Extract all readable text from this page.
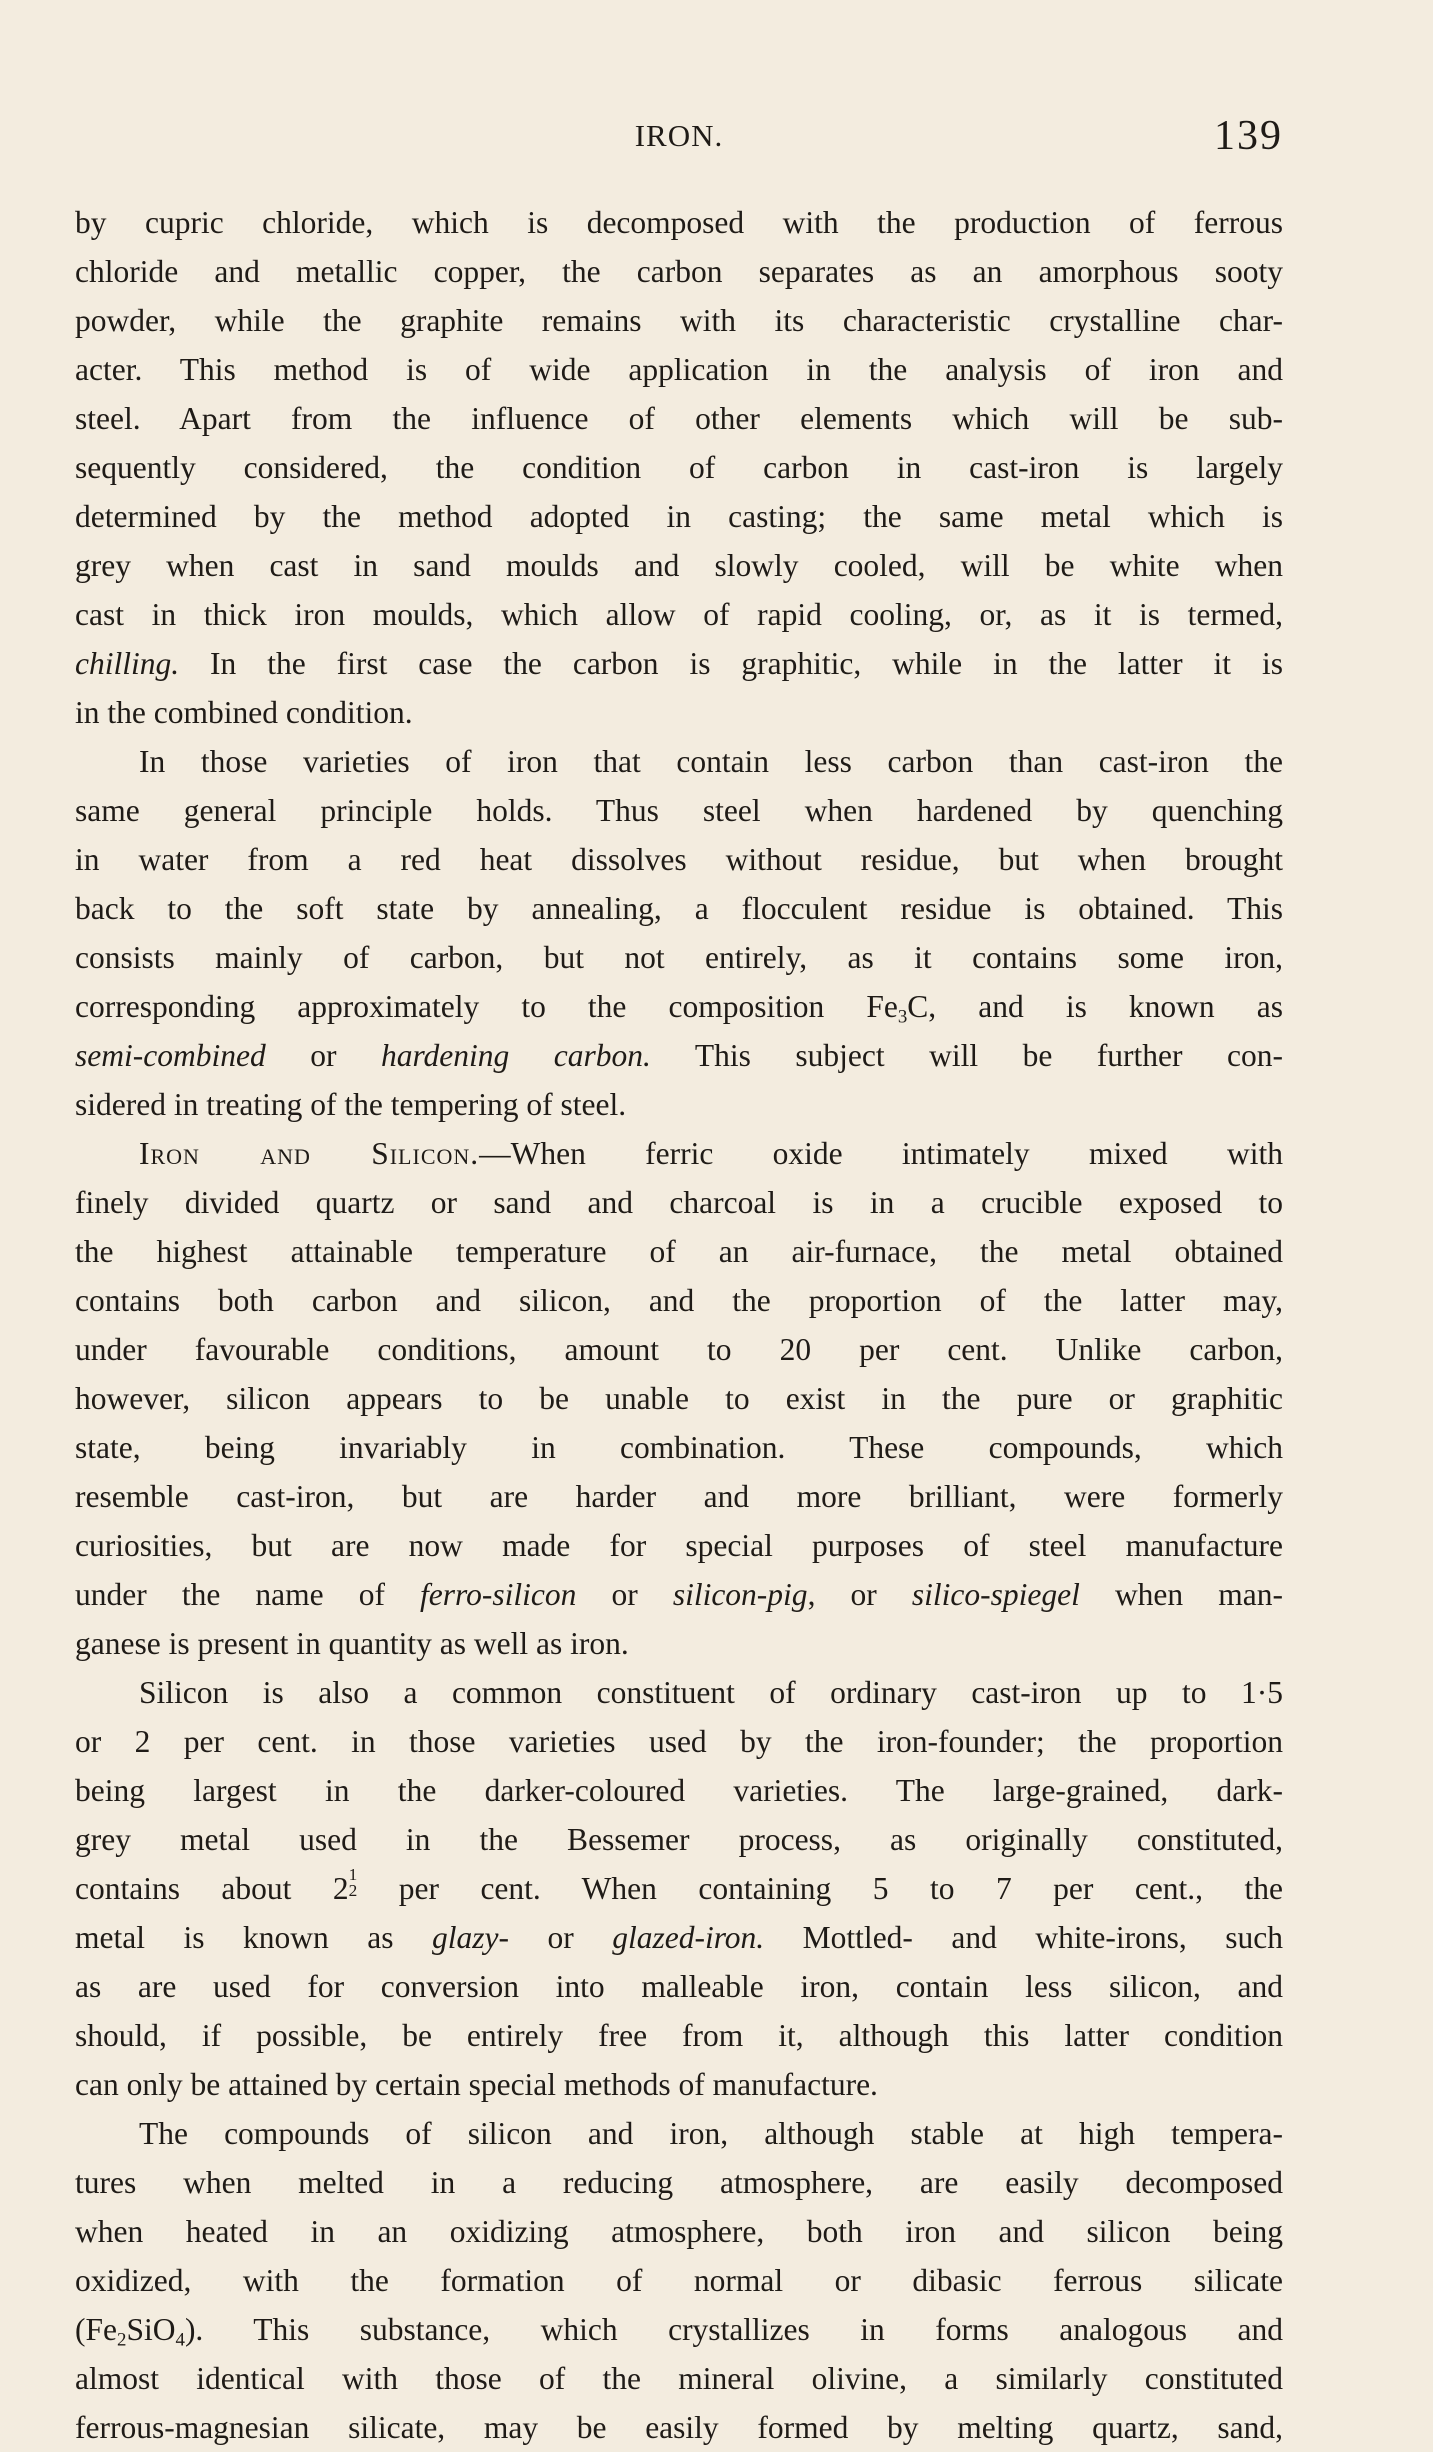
IRON.	139
by cupric chloride, which is decomposed with the production of ferrous
chloride and metallic copper, the carbon separates as an amorphous sooty
powder, while the graphite remains with its characteristic crystalline char-
acter. This method is of wide application in the analysis of iron and
steel. Apart from the influence of other elements which will be sub-
sequently considered, the condition of carbon in cast-iron is largely
determined by the method adopted in casting; the same metal which is
grey when cast in sand moulds and slowly cooled, will be white when
cast in thick iron moulds, which allow of rapid cooling, or, as it is termed,
chilling. In the first case the carbon is graphitic, while in the latter it is
in the combined condition.
In those varieties of iron that contain less carbon than cast-iron the
same general principle holds. Thus steel when hardened by quenching
in water from a red heat dissolves without residue, but when brought
back to the soft state by annealing, a flocculent residue is obtained. This
consists mainly of carbon, but not entirely, as it contains some iron,
corresponding approximately to the composition $Fe_3C$, and is known as
semi-combined or hardening carbon. This subject will be further con-
sidered in treating of the tempering of steel.
Iron and Silicon.—When ferric oxide intimately mixed with
finely divided quartz or sand and charcoal is in a crucible exposed to
the highest attainable temperature of an air-furnace, the metal obtained
contains both carbon and silicon, and the proportion of the latter may,
under favourable conditions, amount to 20 per cent. Unlike carbon,
however, silicon appears to be unable to exist in the pure or graphitic
state, being invariably in combination. These compounds, which
resemble cast-iron, but are harder and more brilliant, were formerly
curiosities, but are now made for special purposes of steel manufacture
under the name of ferro-silicon or silicon-pig, or silico-spiegel when man-
ganese is present in quantity as well as iron.
Silicon is also a common constituent of ordinary cast-iron up to 1·5
or 2 per cent. in those varieties used by the iron-founder; the proportion
being largest in the darker-coloured varieties. The large-grained, dark-
grey metal used in the Bessemer process, as originally constituted,
contains about 2 1
2 per cent. When containing 5 to 7 per cent., the
metal is known as glazy- or glazed-iron. Mottled- and white-irons, such
as are used for conversion into malleable iron, contain less silicon, and
should, if possible, be entirely free from it, although this latter condition
can only be attained by certain special methods of manufacture.
The compounds of silicon and iron, although stable at high tempera-
tures when melted in a reducing atmosphere, are easily decomposed
when heated in an oxidizing atmosphere, both iron and silicon being
oxidized, with the formation of normal or dibasic ferrous silicate
$(Fe_2SiO_4)$. This substance, which crystallizes in forms analogous and
almost identical with those of the mineral olivine, a similarly constituted
ferrous-magnesian silicate, may be easily formed by melting quartz, sand,
